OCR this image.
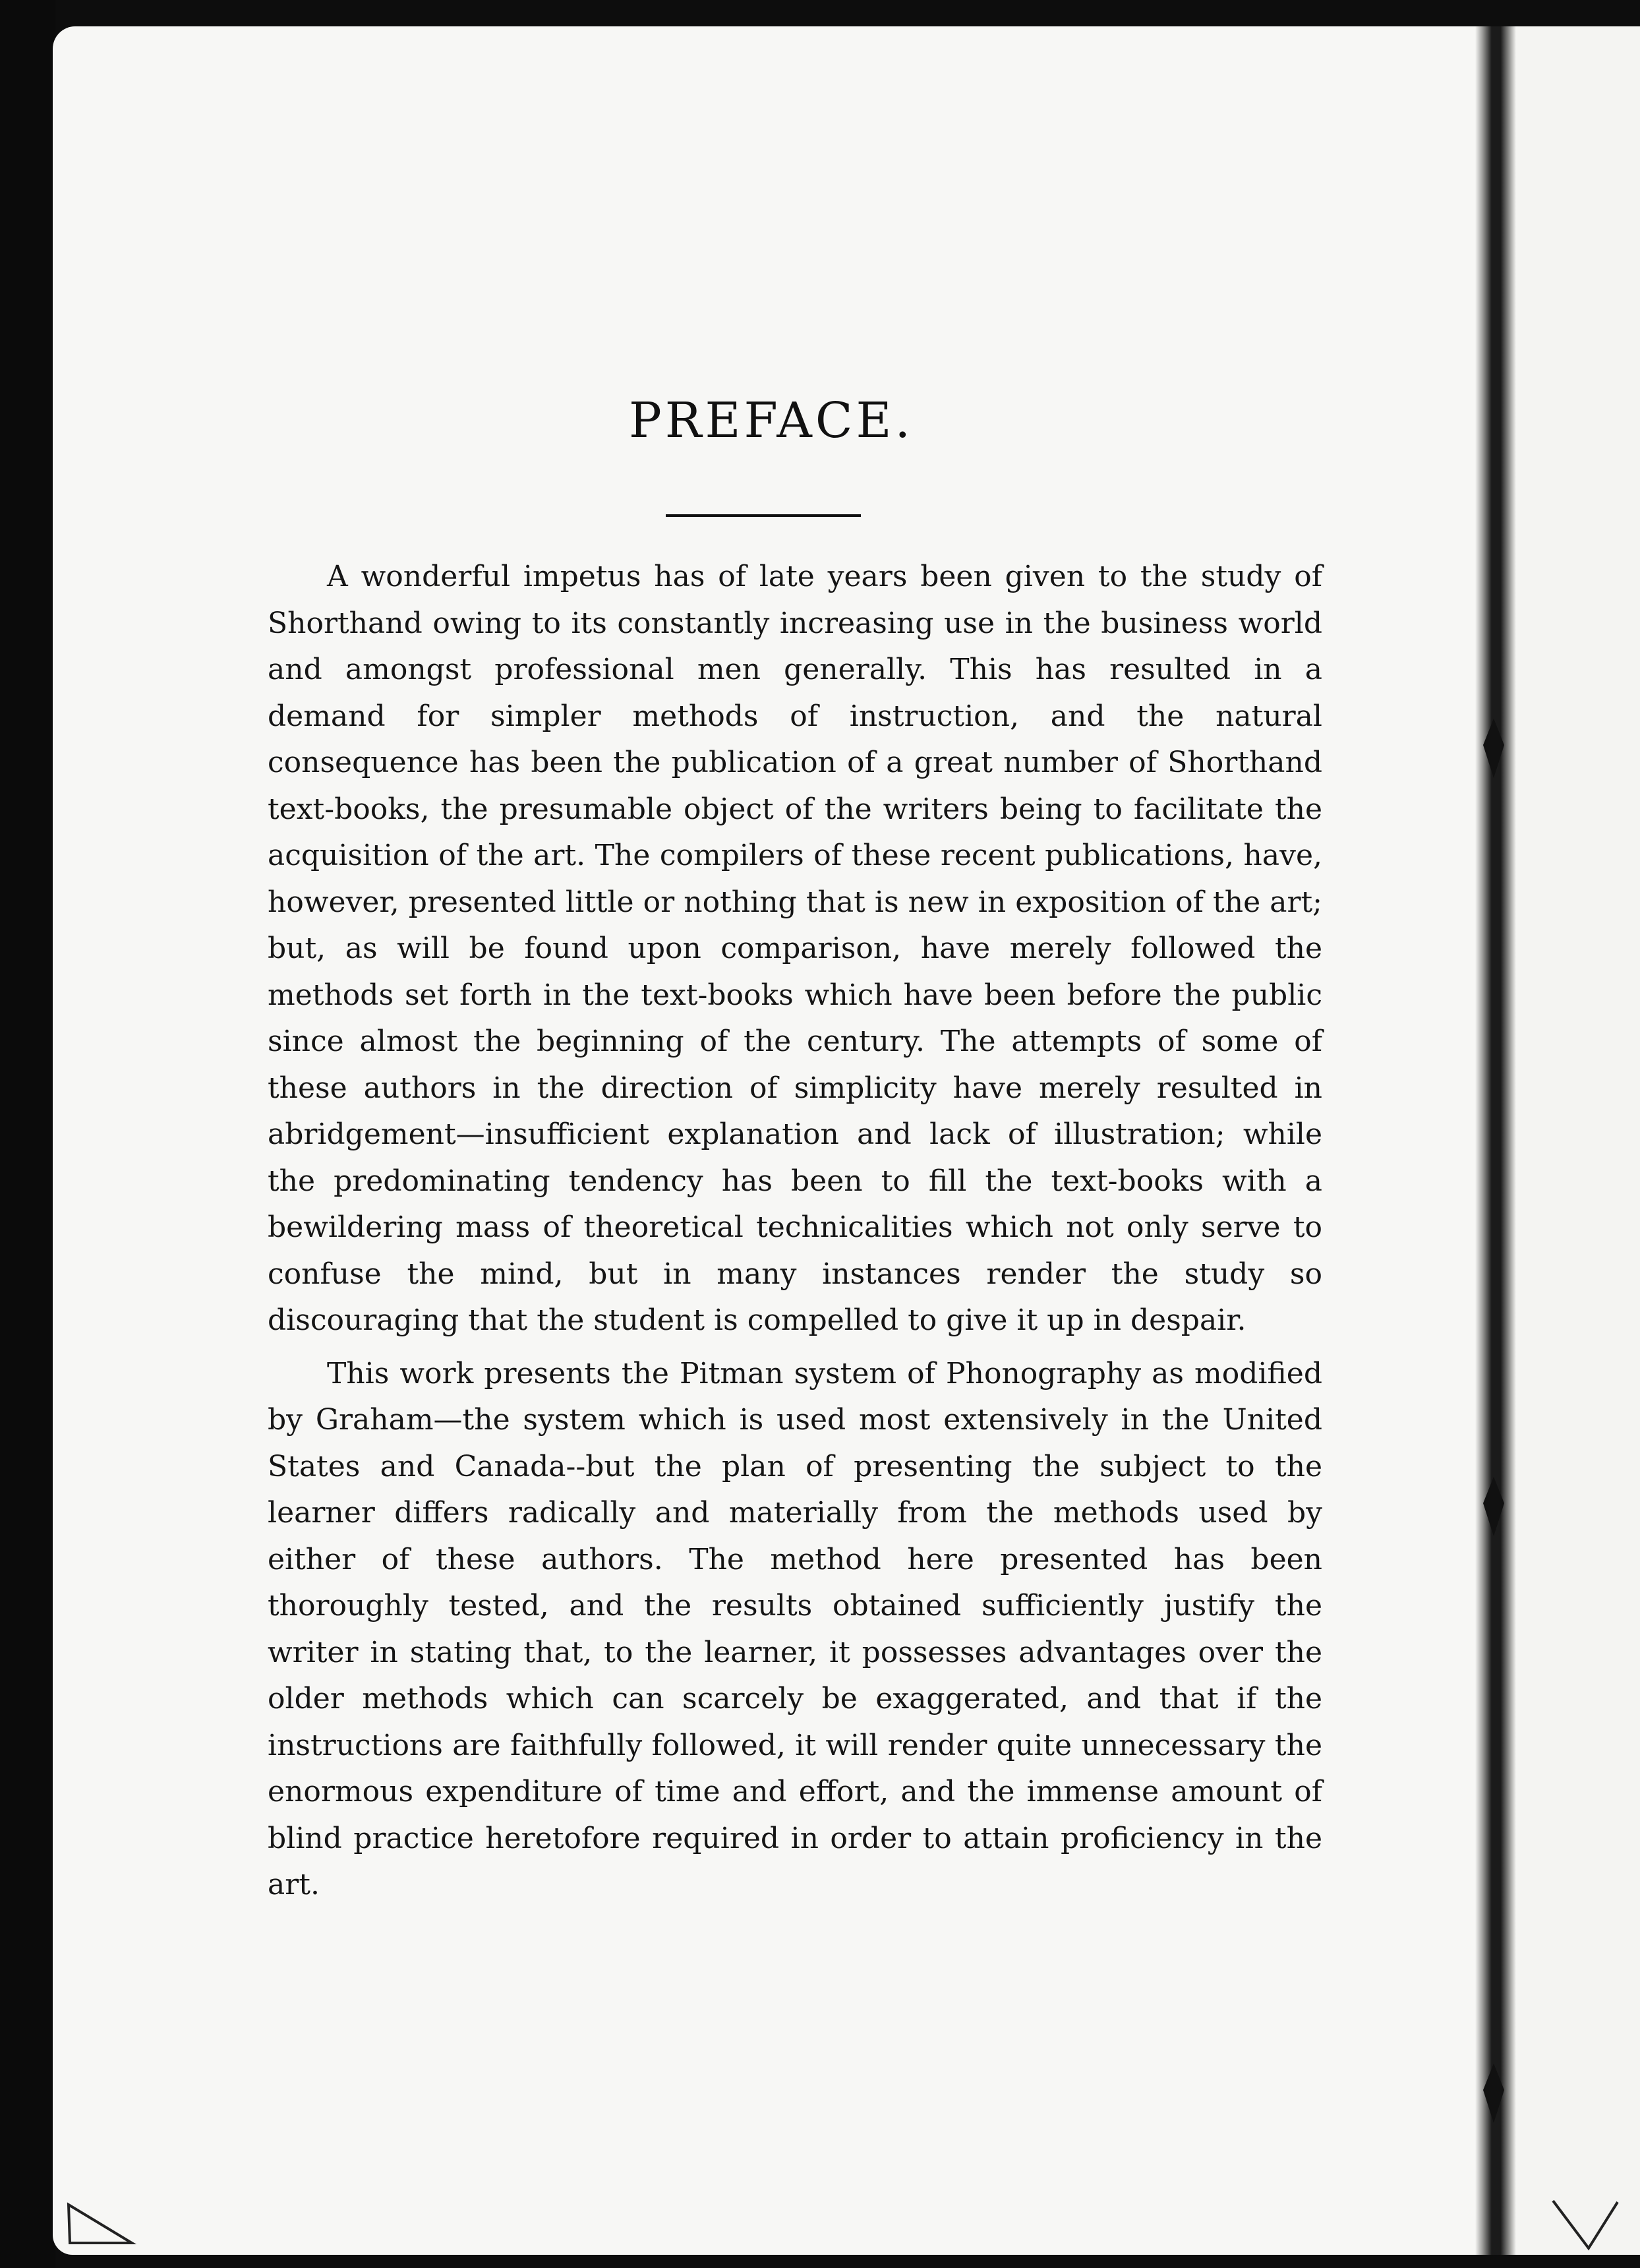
PREFACE.

A wonderful impetus has of late years been given to the study of Shorthand owing to its constantly increasing use in the business world and amongst professional men generally. This has resulted in a demand for simpler methods of instruction, and the natural consequence has been the publication of a great number of Shorthand text-books, the presumable object of the writers being to facilitate the acquisition of the art. The compilers of these recent publications, have, however, presented little or nothing that is new in exposition of the art; but, as will be found upon comparison, have merely followed the methods set forth in the text-books which have been before the public since almost the beginning of the century. The attempts of some of these authors in the direction of simplicity have merely resulted in abridgement—insufficient explanation and lack of illustration; while the predominating tendency has been to fill the text-books with a bewildering mass of theoretical technicalities which not only serve to confuse the mind, but in many instances render the study so discouraging that the student is compelled to give it up in despair.

This work presents the Pitman system of Phonography as modified by Graham—the system which is used most extensively in the United States and Canada--but the plan of presenting the subject to the learner differs radically and materially from the methods used by either of these authors. The method here presented has been thoroughly tested, and the results obtained sufficiently justify the writer in stating that, to the learner, it possesses advantages over the older methods which can scarcely be exaggerated, and that if the instructions are faithfully followed, it will render quite unnecessary the enormous expenditure of time and effort, and the immense amount of blind practice heretofore required in order to attain proficiency in the art.
